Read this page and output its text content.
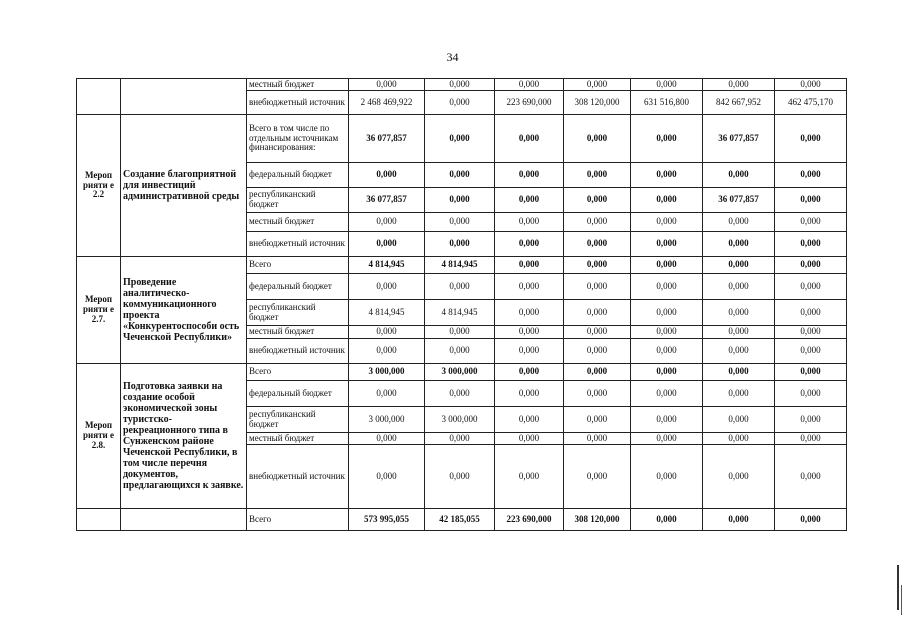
34
		местный бюджет	0,000	0,000	0,000	0,000	0,000	0,000	0,000
		внебюджетный источник	2 468 469,922	0,000	223 690,000	308 120,000	631 516,800	842 667,952	462 475,170
Мероп рияти е 2.2	Создание благоприятной для инвестиций административной среды	Всего в том числе по отдельным источникам финансирования:	36 077,857	0,000	0,000	0,000	0,000	36 077,857	0,000
		федеральный бюджет	0,000	0,000	0,000	0,000	0,000	0,000	0,000
		республиканский бюджет	36 077,857	0,000	0,000	0,000	0,000	36 077,857	0,000
		местный бюджет	0,000	0,000	0,000	0,000	0,000	0,000	0,000
		внебюджетный источник	0,000	0,000	0,000	0,000	0,000	0,000	0,000
Мероп рияти е 2.7.	Проведение аналитическо-коммуникационного проекта «Конкурентоспособи ость Чеченской Республики»	Всего	4 814,945	4 814,945	0,000	0,000	0,000	0,000	0,000
		федеральный бюджет	0,000	0,000	0,000	0,000	0,000	0,000	0,000
		республиканский бюджет	4 814,945	4 814,945	0,000	0,000	0,000	0,000	0,000
		местный бюджет	0,000	0,000	0,000	0,000	0,000	0,000	0,000
		внебюджетный источник	0,000	0,000	0,000	0,000	0,000	0,000	0,000
Мероп рияти е 2.8.	Подготовка заявки на создание особой экономической зоны туристско-рекреационного типа в Сунженском районе Чеченской Республики, в том числе перечня документов, предлагающихся к заявке.	Всего	3 000,000	3 000,000	0,000	0,000	0,000	0,000	0,000
		федеральный бюджет	0,000	0,000	0,000	0,000	0,000	0,000	0,000
		республиканский бюджет	3 000,000	3 000,000	0,000	0,000	0,000	0,000	0,000
		местный бюджет	0,000	0,000	0,000	0,000	0,000	0,000	0,000
		внебюджетный источник	0,000	0,000	0,000	0,000	0,000	0,000	0,000
		Всего	573 995,055	42 185,055	223 690,000	308 120,000	0,000	0,000	0,000
